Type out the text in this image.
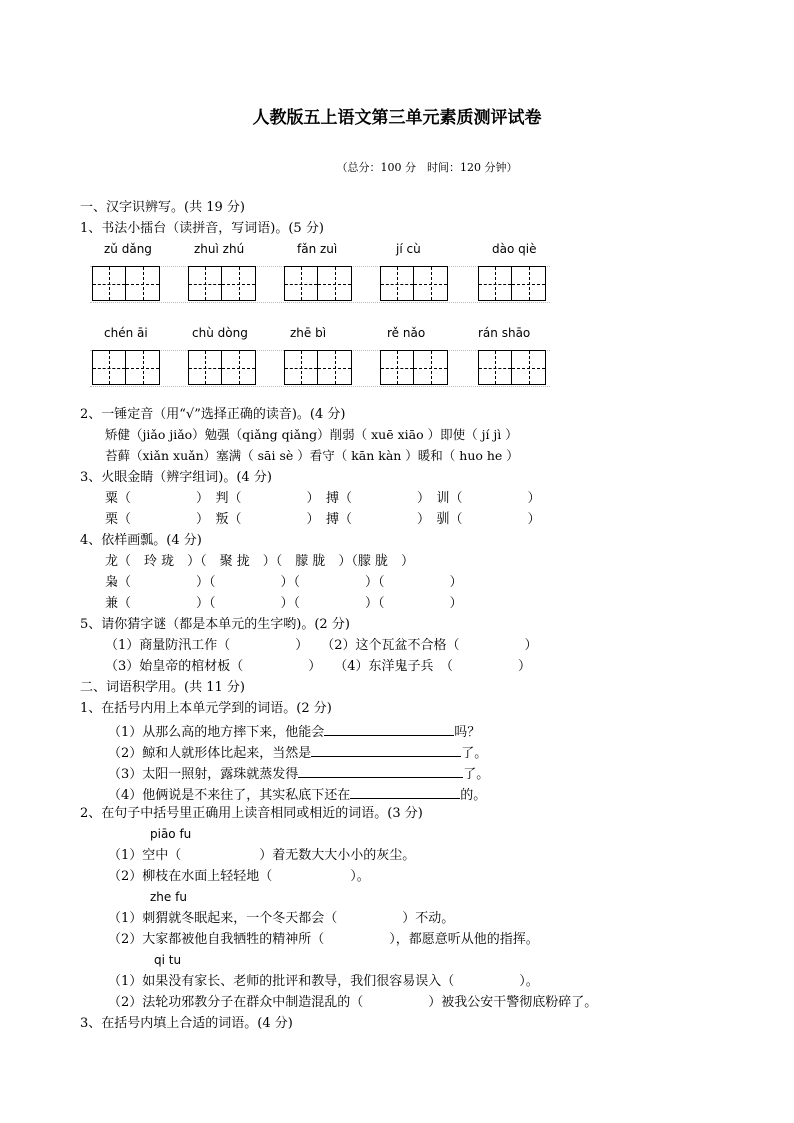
人教版五上语文第三单元素质测评试卷
（总分：100 分　时间：120 分钟）
一、汉字识辨写。(共 19 分)
1、书法小擂台（读拼音，写词语)。(5 分)
zǔ dǎng	zhuì zhú	fǎn zuì	jí cù	dào qiè
chén āi	chù dòng	zhē bì	rě nǎo	rán shāo
2、一锤定音（用“√”选择正确的读音)。(4 分)
矫健（jiǎo jiǎo）勉强（qiǎng qiǎng）削弱（ xuē xiāo ）即使（ jí jì ）
苔藓（xiǎn xuǎn）塞满（ sāi sè ）看守（ kān kàn ）暖和（ huo he ）
3、火眼金睛（辨字组词)。(4 分)
粟（　　　　　）　判（　　　　　）　搏（　　　　　）　训（　　　　　）
栗（　　　　　）　叛（　　　　　）　搏（　　　　　）　驯（　　　　　）
4、依样画瓢。(4 分)
龙（　玲 珑　）（　聚 拢　）（　朦 胧　）（朦 胧　）
枭（　　　　　）（　　　　　）（　　　　　）（　　　　　）
兼（　　　　　）（　　　　　）（　　　　　）（　　　　　）
5、请你猜字谜（都是本单元的生字哟)。(2 分)
（1）商量防汛工作（　　　　　）　　（2）这个瓦盆不合格（　　　　　）
（3）始皇帝的棺材板（　　　　　）　　（4）东洋鬼子兵　（　　　　　）
二、词语积学用。(共 11 分)
1、在括号内用上本单元学到的词语。(2 分)
（1）从那么高的地方摔下来，他能会	吗？
（2）鲸和人就形体比起来，当然是	了。
（3）太阳一照射，露珠就蒸发得	了。
（4）他俩说是不来往了，其实私底下还在	的。
2、在句子中括号里正确用上读音相同或相近的词语。(3 分)
piāo fu
（1）空中（　　　　　　）着无数大大小小的灰尘。
（2）柳枝在水面上轻轻地（　　　　　　）。
zhe fu
（1）刺猬就冬眠起来，一个冬天都会（　　　　　）不动。
（2）大家都被他自我牺牲的精神所（　　　　　），都愿意听从他的指挥。
qi tu
（1）如果没有家长、老师的批评和教导，我们很容易误入（　　　　　）。
（2）法轮功邪教分子在群众中制造混乱的（　　　　　）被我公安干警彻底粉碎了。
3、在括号内填上合适的词语。(4 分)
